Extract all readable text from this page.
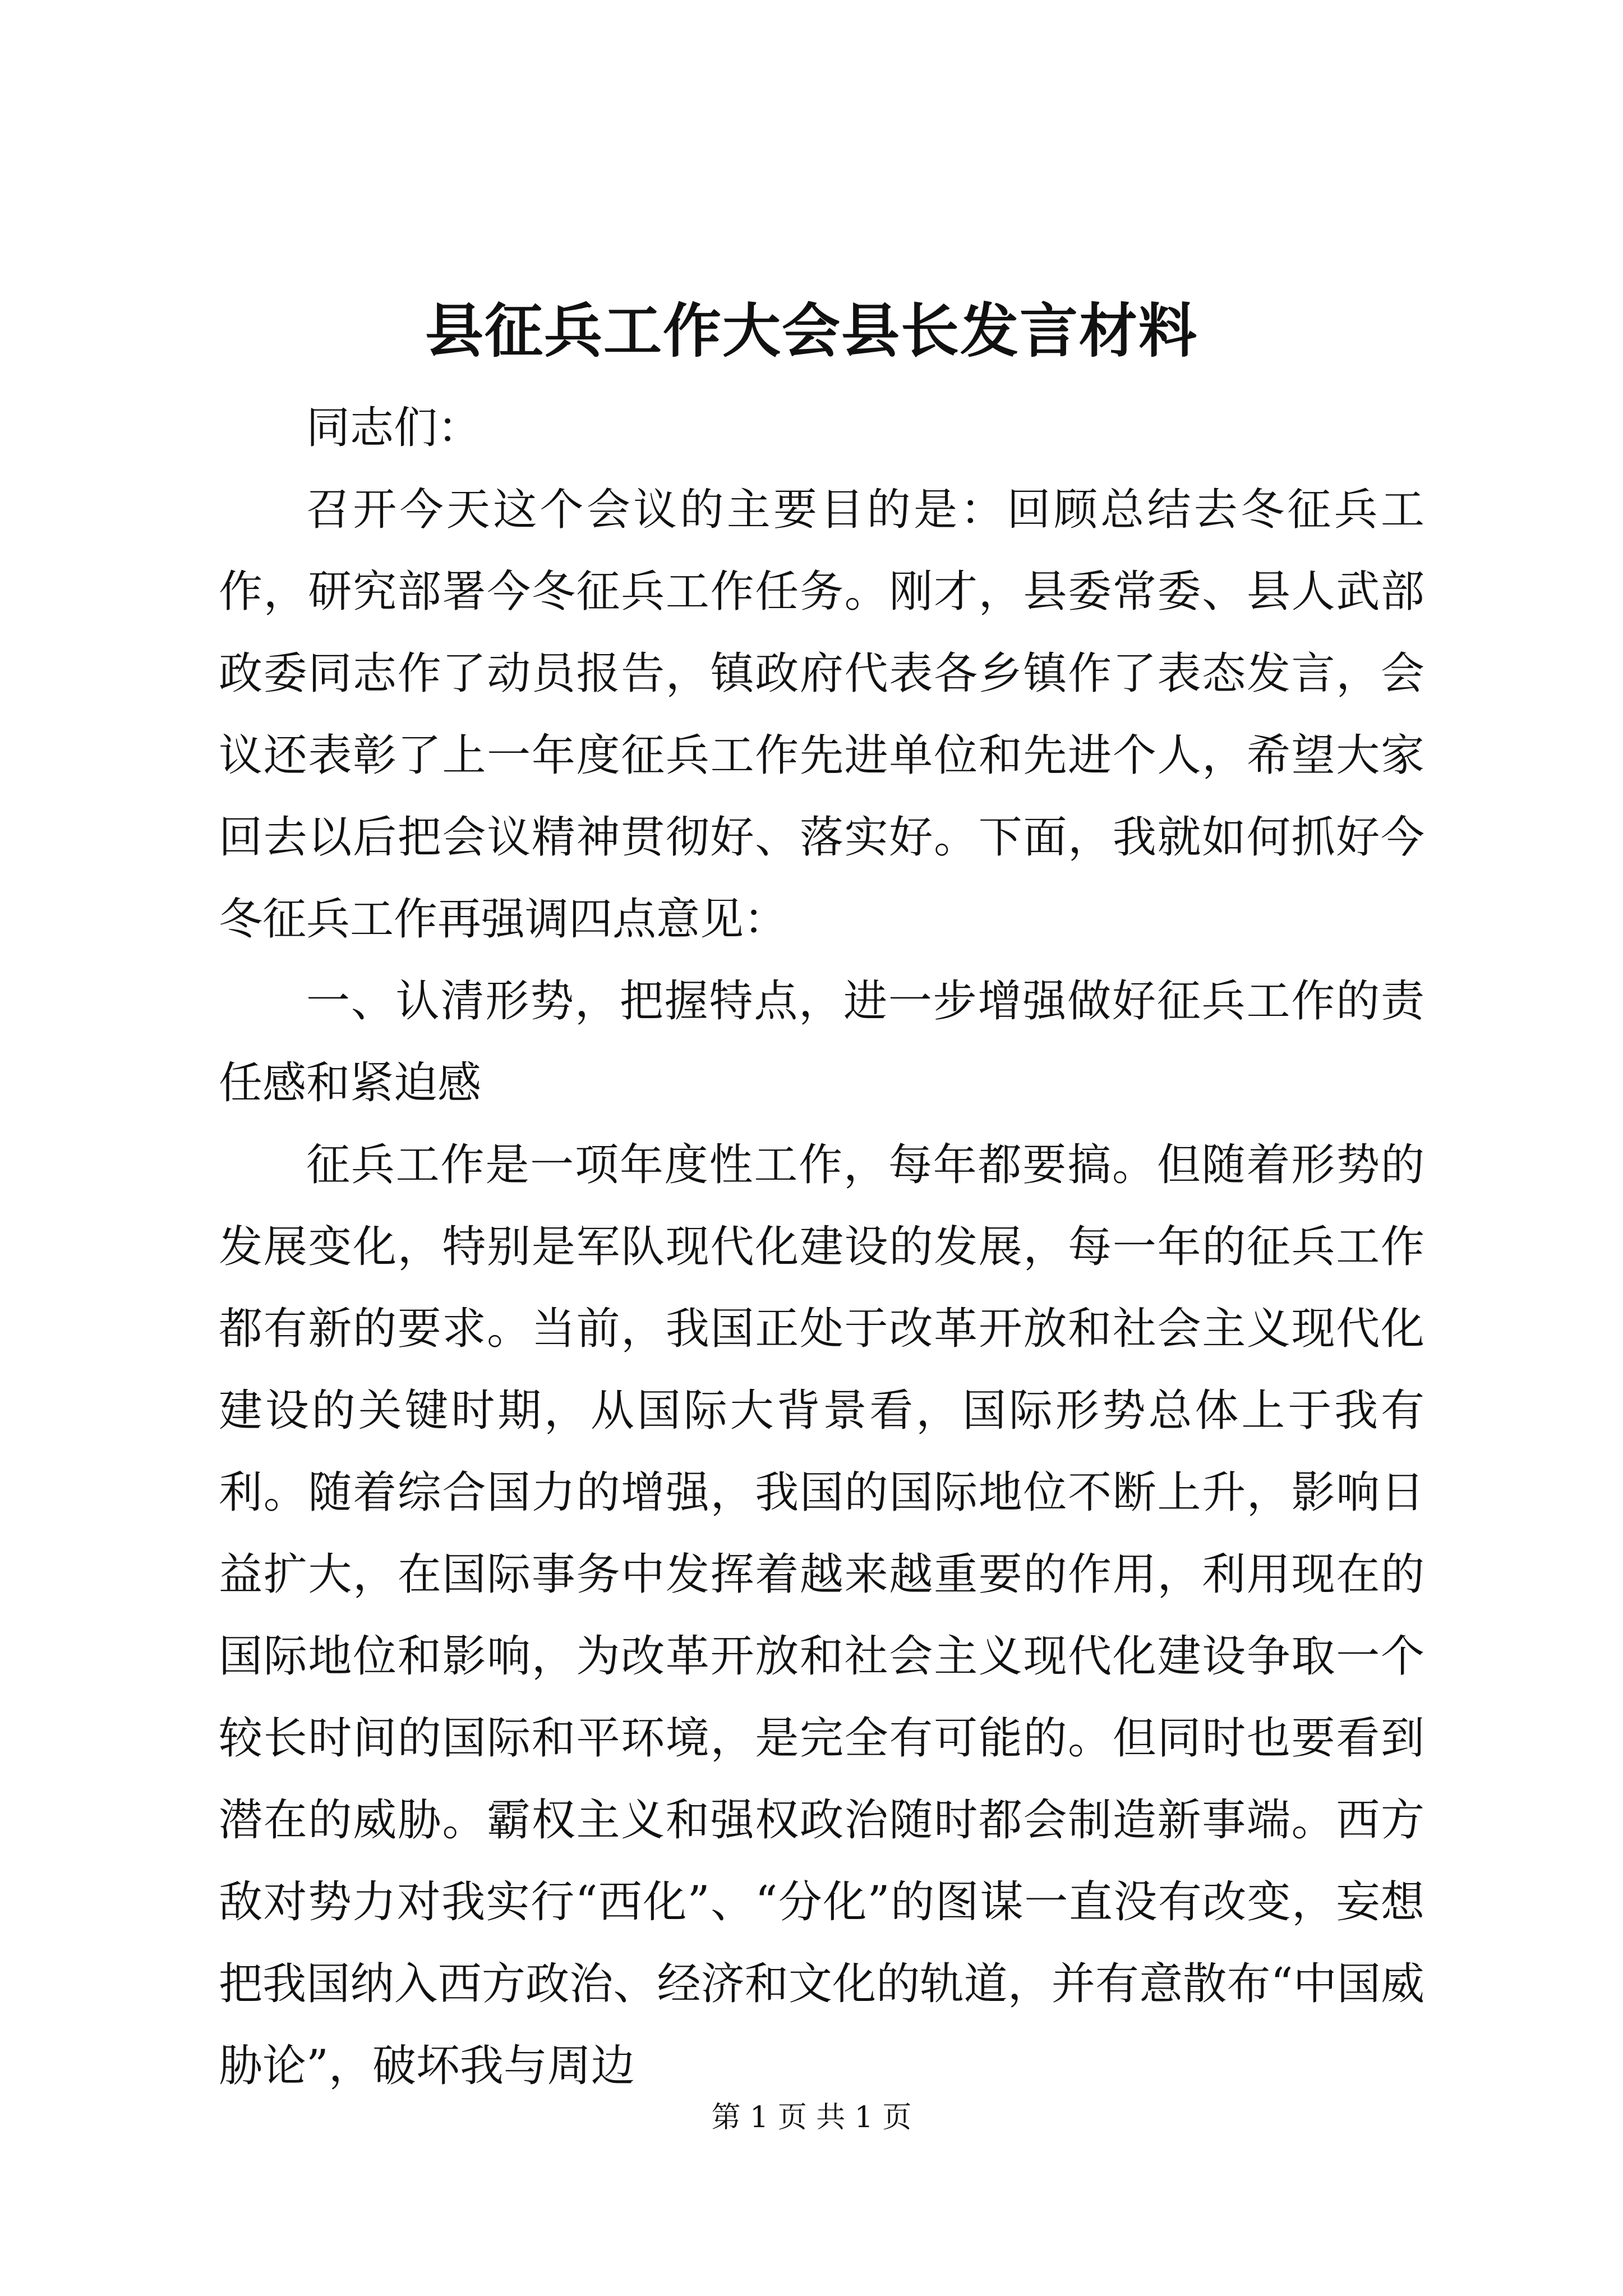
县征兵工作大会县长发言材料

同志们：

召开今天这个会议的主要目的是：回顾总结去冬征兵工作，研究部署今冬征兵工作任务。刚才，县委常委、县人武部政委同志作了动员报告，镇政府代表各乡镇作了表态发言，会议还表彰了上一年度征兵工作先进单位和先进个人，希望大家回去以后把会议精神贯彻好、落实好。下面，我就如何抓好今冬征兵工作再强调四点意见：

一、认清形势，把握特点，进一步增强做好征兵工作的责任感和紧迫感

征兵工作是一项年度性工作，每年都要搞。但随着形势的发展变化，特别是军队现代化建设的发展，每一年的征兵工作都有新的要求。当前，我国正处于改革开放和社会主义现代化建设的关键时期，从国际大背景看，国际形势总体上于我有利。随着综合国力的增强，我国的国际地位不断上升，影响日益扩大，在国际事务中发挥着越来越重要的作用，利用现在的国际地位和影响，为改革开放和社会主义现代化建设争取一个较长时间的国际和平环境，是完全有可能的。但同时也要看到潜在的威胁。霸权主义和强权政治随时都会制造新事端。西方敌对势力对我实行“西化”、“分化”的图谋一直没有改变，妄想把我国纳入西方政治、经济和文化的轨道，并有意散布“中国威胁论”，破坏我与周边

第 1 页 共 1 页
